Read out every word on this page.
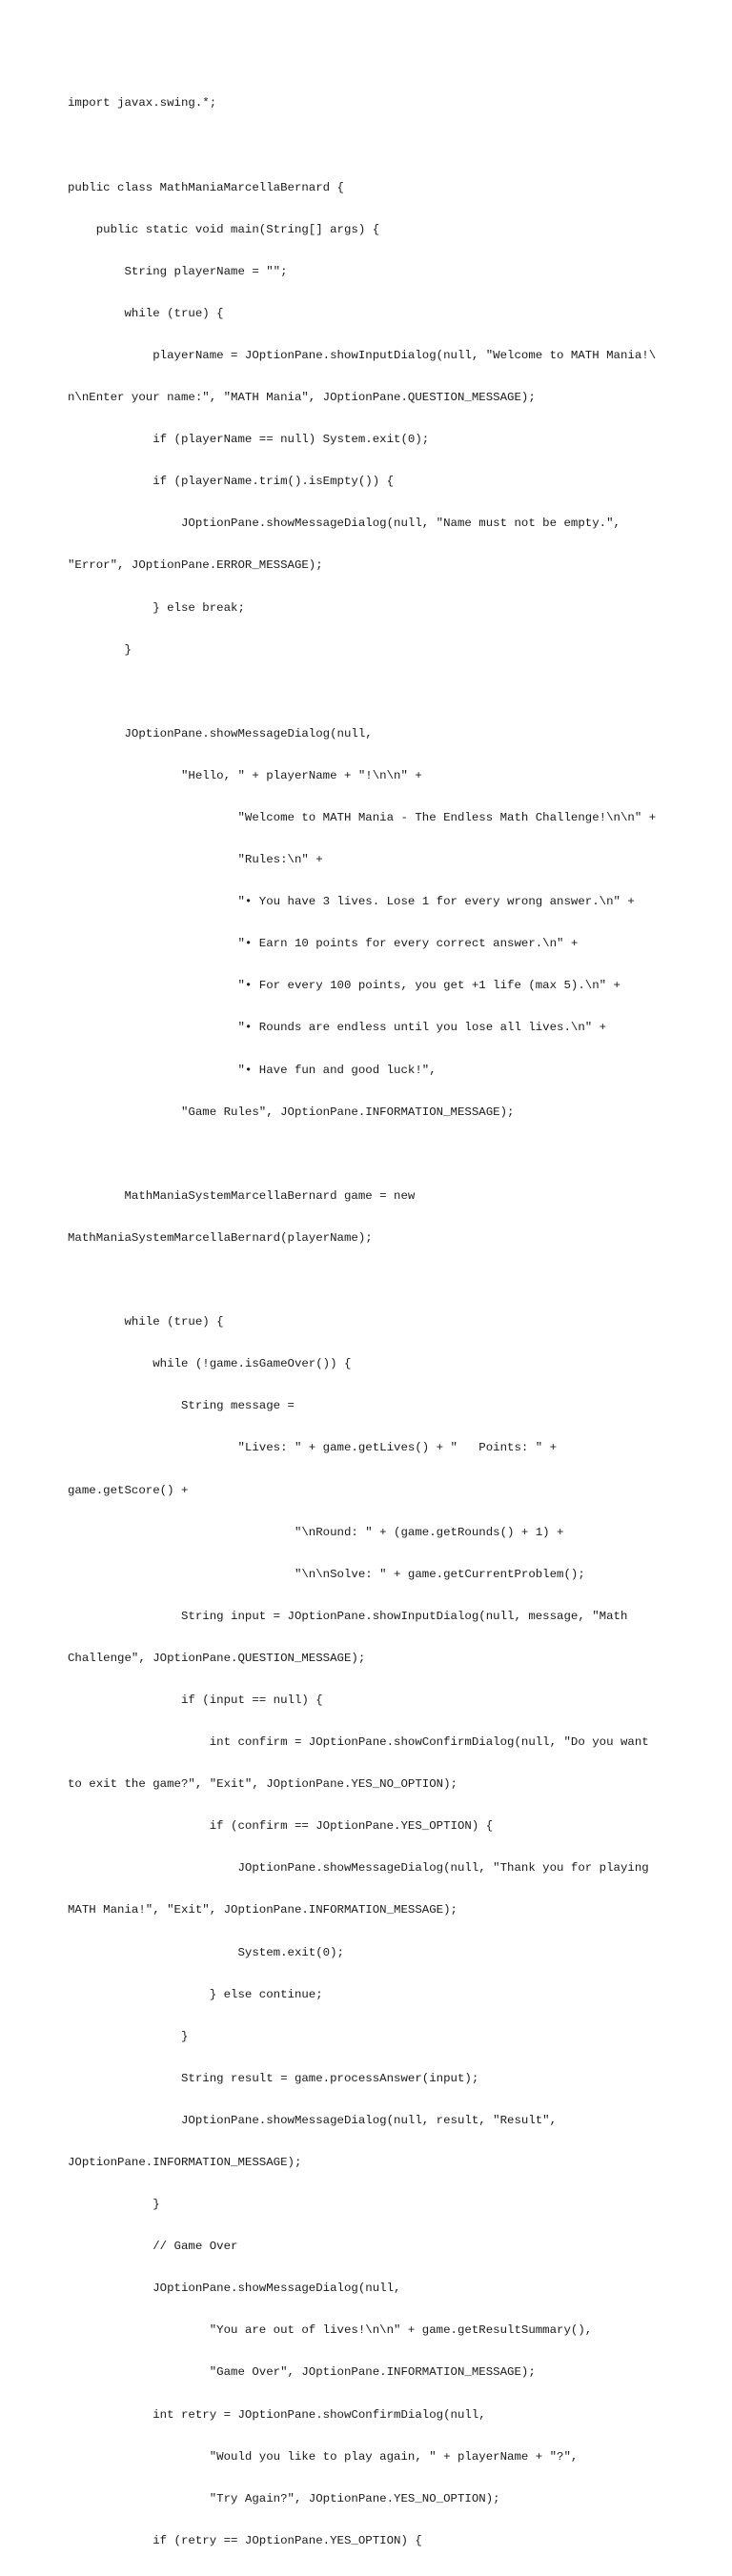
import javax.swing.*;

public class MathManiaMarcellaBernard {

public static void main(String[] args) {

String playerName = "";

while (true) {

playerName = JOptionPane.showInputDialog(null, "Welcome to MATH Mania!\

n\nEnter your name:", "MATH Mania", JOptionPane.QUESTION_MESSAGE);

if (playerName == null) System.exit(0);

if (playerName.trim().isEmpty()) {

JOptionPane.showMessageDialog(null, "Name must not be empty.",

"Error", JOptionPane.ERROR_MESSAGE);

} else break;

}

JOptionPane.showMessageDialog(null,

"Hello, " + playerName + "!\n\n" +

"Welcome to MATH Mania - The Endless Math Challenge!\n\n" +

"Rules:\n" +

"• You have 3 lives. Lose 1 for every wrong answer.\n" +

"• Earn 10 points for every correct answer.\n" +

"• For every 100 points, you get +1 life (max 5).\n" +

"• Rounds are endless until you lose all lives.\n" +

"• Have fun and good luck!",

"Game Rules", JOptionPane.INFORMATION_MESSAGE);

MathManiaSystemMarcellaBernard game = new

MathManiaSystemMarcellaBernard(playerName);

while (true) {

while (!game.isGameOver()) {

String message =

"Lives: " + game.getLives() + "   Points: " +

game.getScore() +

"\nRound: " + (game.getRounds() + 1) +

"\n\nSolve: " + game.getCurrentProblem();

String input = JOptionPane.showInputDialog(null, message, "Math

Challenge", JOptionPane.QUESTION_MESSAGE);

if (input == null) {

int confirm = JOptionPane.showConfirmDialog(null, "Do you want

to exit the game?", "Exit", JOptionPane.YES_NO_OPTION);

if (confirm == JOptionPane.YES_OPTION) {

JOptionPane.showMessageDialog(null, "Thank you for playing

MATH Mania!", "Exit", JOptionPane.INFORMATION_MESSAGE);

System.exit(0);

} else continue;

}

String result = game.processAnswer(input);

JOptionPane.showMessageDialog(null, result, "Result",

JOptionPane.INFORMATION_MESSAGE);

}

// Game Over

JOptionPane.showMessageDialog(null,

"You are out of lives!\n\n" + game.getResultSummary(),

"Game Over", JOptionPane.INFORMATION_MESSAGE);

int retry = JOptionPane.showConfirmDialog(null,

"Would you like to play again, " + playerName + "?",

"Try Again?", JOptionPane.YES_NO_OPTION);

if (retry == JOptionPane.YES_OPTION) {
